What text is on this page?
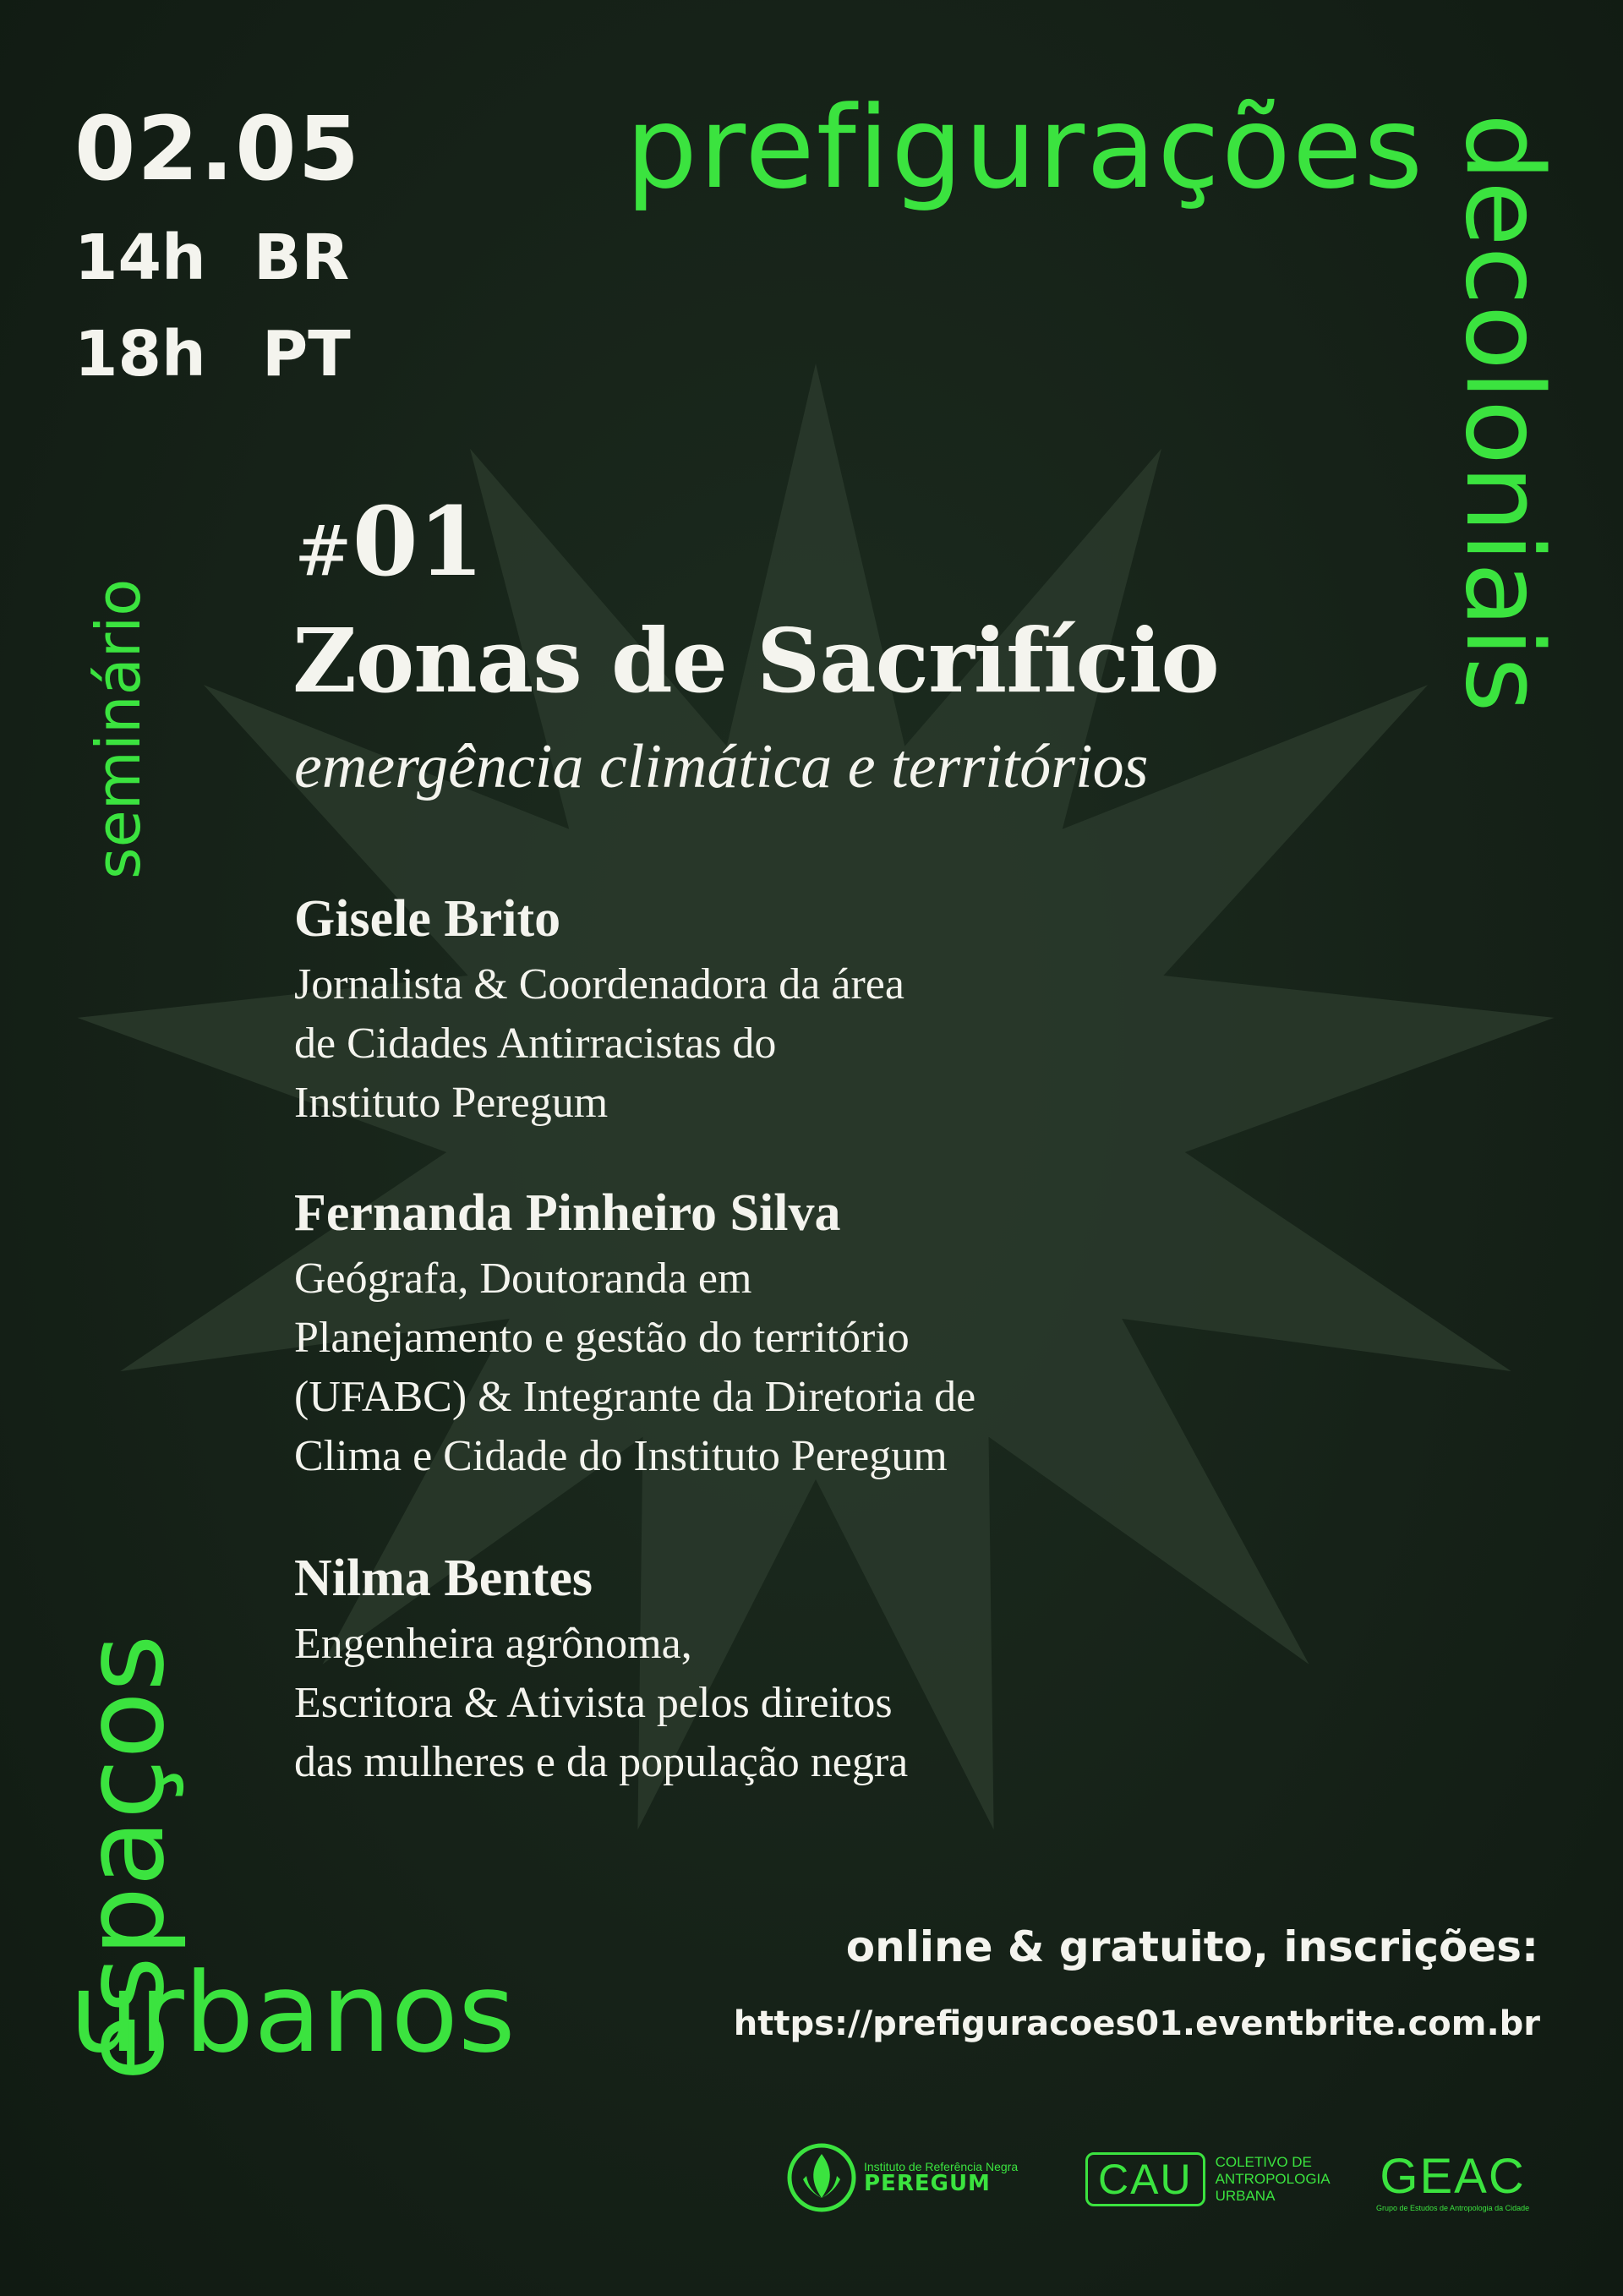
02.05
14h BR
18h PT
prefigurações decoloniais
seminário
espaços
urbanos
#01
Zonas de Sacrifício
emergência climática e territórios
Gisele Brito
Jornalista & Coordenadora da área
de Cidades Antirracistas do
Instituto Peregum
Fernanda Pinheiro Silva
Geógrafa, Doutoranda em
Planejamento e gestão do território
(UFABC) & Integrante da Diretoria de
Clima e Cidade do Instituto Peregum
Nilma Bentes
Engenheira agrônoma,
Escritora & Ativista pelos direitos
das mulheres e da população negra
online & gratuito, inscrições:
https://prefiguracoes01.eventbrite.com.br
Instituto de Referência Negra
PEREGUM	CAU	COLETIVO DE
ANTROPOLOGIA
URBANA	GEAC
Grupo de Estudos de Antropologia da Cidade
